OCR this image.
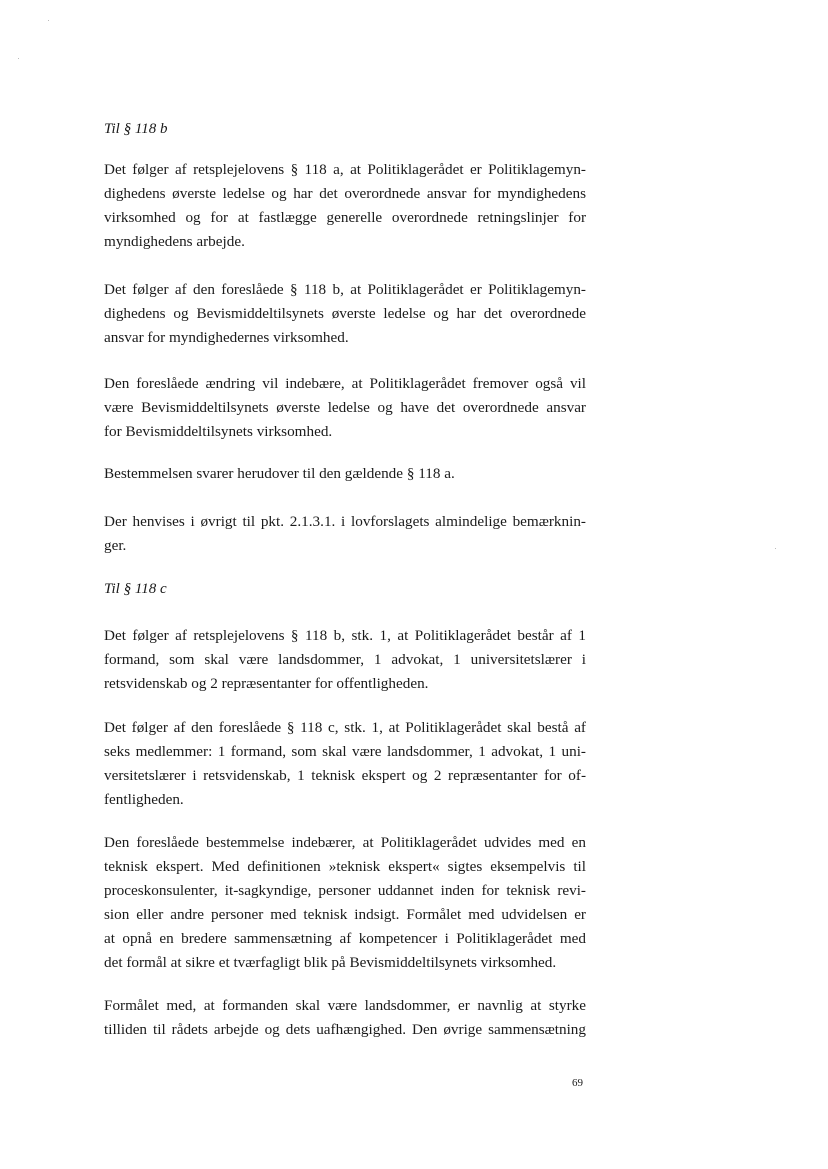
Til § 118 b

Det følger af retsplejelovens § 118 a, at Politiklagerådet er Politiklagemyn-
dighedens øverste ledelse og har det overordnede ansvar for myndighedens
virksomhed og for at fastlægge generelle overordnede retningslinjer for
myndighedens arbejde.

Det følger af den foreslåede § 118 b, at Politiklagerådet er Politiklagemyn-
dighedens og Bevismiddeltilsynets øverste ledelse og har det overordnede
ansvar for myndighedernes virksomhed.

Den foreslåede ændring vil indebære, at Politiklagerådet fremover også vil
være Bevismiddeltilsynets øverste ledelse og have det overordnede ansvar
for Bevismiddeltilsynets virksomhed.

Bestemmelsen svarer herudover til den gældende § 118 a.

Der henvises i øvrigt til pkt. 2.1.3.1. i lovforslagets almindelige bemærknin-
ger.

Til § 118 c

Det følger af retsplejelovens § 118 b, stk. 1, at Politiklagerådet består af 1
formand, som skal være landsdommer, 1 advokat, 1 universitetslærer i
retsvidenskab og 2 repræsentanter for offentligheden.

Det følger af den foreslåede § 118 c, stk. 1, at Politiklagerådet skal bestå af
seks medlemmer: 1 formand, som skal være landsdommer, 1 advokat, 1 uni-
versitetslærer i retsvidenskab, 1 teknisk ekspert og 2 repræsentanter for of-
fentligheden.

Den foreslåede bestemmelse indebærer, at Politiklagerådet udvides med en
teknisk ekspert. Med definitionen »teknisk ekspert« sigtes eksempelvis til
proceskonsulenter, it-sagkyndige, personer uddannet inden for teknisk revi-
sion eller andre personer med teknisk indsigt. Formålet med udvidelsen er
at opnå en bredere sammensætning af kompetencer i Politiklagerådet med
det formål at sikre et tværfagligt blik på Bevismiddeltilsynets virksomhed.

Formålet med, at formanden skal være landsdommer, er navnlig at styrke
tilliden til rådets arbejde og dets uafhængighed. Den øvrige sammensætning

69
